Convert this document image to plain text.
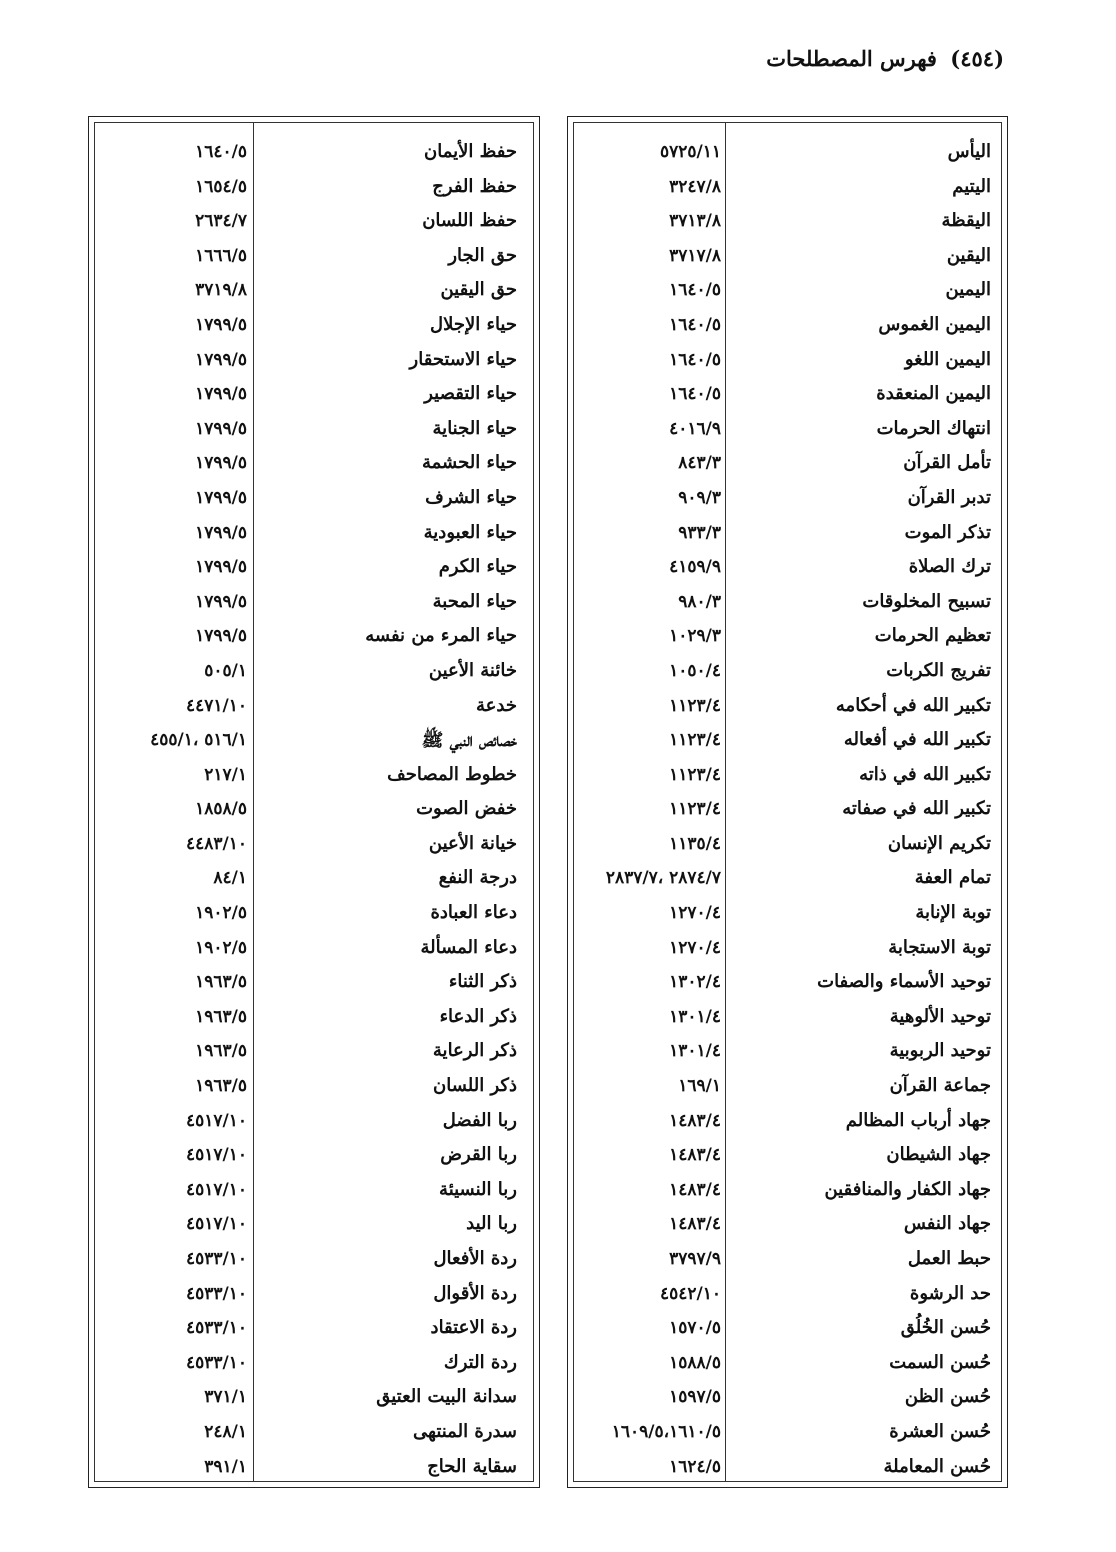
(٤٥٤) فهرس المصطلحات
اليأس
٥٧٢٥/١١
اليتيم
٣٢٤٧/٨
اليقظة
٣٧١٣/٨
اليقين
٣٧١٧/٨
اليمين
١٦٤٠/٥
اليمين الغموس
١٦٤٠/٥
اليمين اللغو
١٦٤٠/٥
اليمين المنعقدة
١٦٤٠/٥
انتهاك الحرمات
٤٠١٦/٩
تأمل القرآن
٨٤٣/٣
تدبر القرآن
٩٠٩/٣
تذكر الموت
٩٣٣/٣
ترك الصلاة
٤١٥٩/٩
تسبيح المخلوقات
٩٨٠/٣
تعظيم الحرمات
١٠٢٩/٣
تفريج الكربات
١٠٥٠/٤
تكبير الله في أحكامه
١١٢٣/٤
تكبير الله في أفعاله
١١٢٣/٤
تكبير الله في ذاته
١١٢٣/٤
تكبير الله في صفاته
١١٢٣/٤
تكريم الإنسان
١١٣٥/٤
تمام العفة
٢٨٧٤/٧ ،٢٨٣٧/٧
توبة الإنابة
١٢٧٠/٤
توبة الاستجابة
١٢٧٠/٤
توحيد الأسماء والصفات
١٣٠٢/٤
توحيد الألوهية
١٣٠١/٤
توحيد الربوبية
١٣٠١/٤
جماعة القرآن
١٦٩/١
جهاد أرباب المظالم
١٤٨٣/٤
جهاد الشيطان
١٤٨٣/٤
جهاد الكفار والمنافقين
١٤٨٣/٤
جهاد النفس
١٤٨٣/٤
حبط العمل
٣٧٩٧/٩
حد الرشوة
٤٥٤٢/١٠
حُسن الخُلُق
١٥٧٠/٥
حُسن السمت
١٥٨٨/٥
حُسن الظن
١٥٩٧/٥
حُسن العشرة
١٦٠٩/٥،١٦١٠/٥
حُسن المعاملة
١٦٢٤/٥
حفظ الأيمان
١٦٤٠/٥
حفظ الفرج
١٦٥٤/٥
حفظ اللسان
٢٦٣٤/٧
حق الجار
١٦٦٦/٥
حق اليقين
٣٧١٩/٨
حياء الإجلال
١٧٩٩/٥
حياء الاستحقار
١٧٩٩/٥
حياء التقصير
١٧٩٩/٥
حياء الجناية
١٧٩٩/٥
حياء الحشمة
١٧٩٩/٥
حياء الشرف
١٧٩٩/٥
حياء العبودية
١٧٩٩/٥
حياء الكرم
١٧٩٩/٥
حياء المحبة
١٧٩٩/٥
حياء المرء من نفسه
١٧٩٩/٥
خائنة الأعين
٥٠٥/١
خدعة
٤٤٧١/١٠
خصائص النبي ﷺ
٥١٦/١ ،٤٥٥/١
خطوط المصاحف
٢١٧/١
خفض الصوت
١٨٥٨/٥
خيانة الأعين
٤٤٨٣/١٠
درجة النفع
٨٤/١
دعاء العبادة
١٩٠٢/٥
دعاء المسألة
١٩٠٢/٥
ذكر الثناء
١٩٦٣/٥
ذكر الدعاء
١٩٦٣/٥
ذكر الرعاية
١٩٦٣/٥
ذكر اللسان
١٩٦٣/٥
ربا الفضل
٤٥١٧/١٠
ربا القرض
٤٥١٧/١٠
ربا النسيئة
٤٥١٧/١٠
ربا اليد
٤٥١٧/١٠
ردة الأفعال
٤٥٣٣/١٠
ردة الأقوال
٤٥٣٣/١٠
ردة الاعتقاد
٤٥٣٣/١٠
ردة الترك
٤٥٣٣/١٠
سدانة البيت العتيق
٣٧١/١
سدرة المنتهى
٢٤٨/١
سقاية الحاج
٣٩١/١
